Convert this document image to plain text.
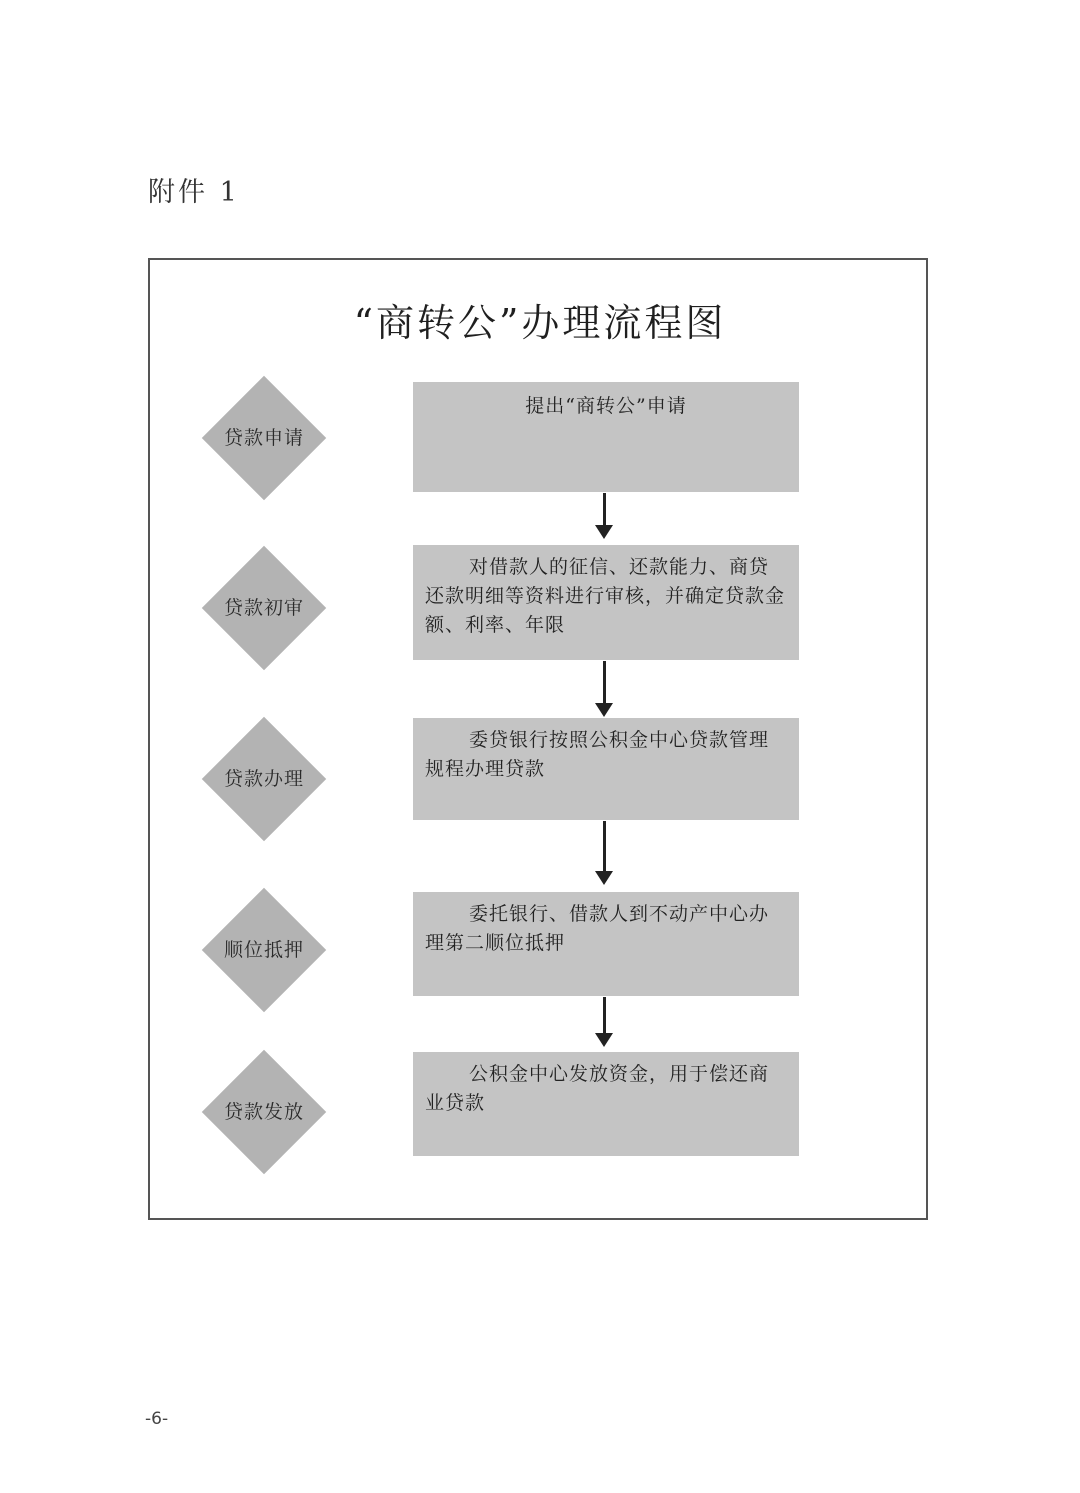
附件 1
“商转公”办理流程图
贷款申请
提出“商转公”申请
贷款初审
对借款人的征信、还款能力、商贷还款明细等资料进行审核，并确定贷款金额、利率、年限
贷款办理
委贷银行按照公积金中心贷款管理规程办理贷款
顺位抵押
委托银行、借款人到不动产中心办理第二顺位抵押
贷款发放
公积金中心发放资金，用于偿还商业贷款
-6-
